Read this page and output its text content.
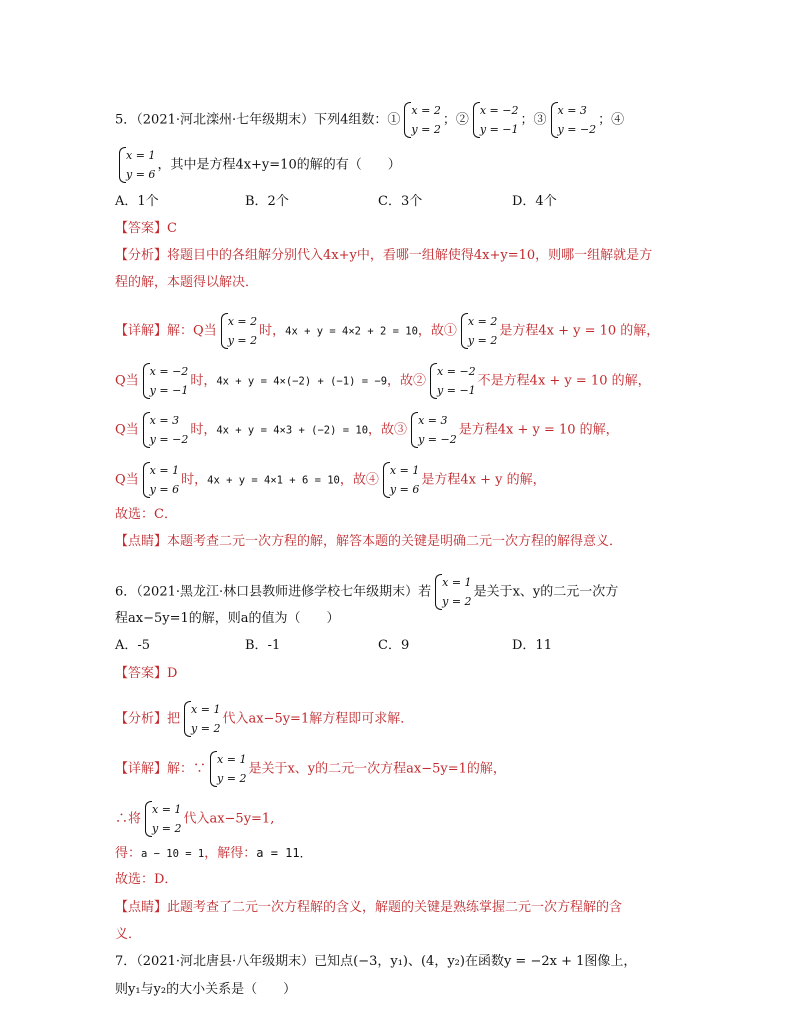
5．（2021·河北滦州·七年级期末）下列4组数：①
x = 2
y = 2
；②
x = −2
y = −1
；③
x = 3
y = −2
；④
x = 1
y = 6
，其中是方程4x+y=10的解的有（　　）
A．1个	B．2个	C．3个	D．4个
【答案】C
【分析】将题目中的各组解分别代入4x+y中，看哪一组解使得4x+y=10，则哪一组解就是方
程的解，本题得以解决．
【详解】解：Q当
x = 2
y = 2
时，4x + y = 4×2 + 2 = 10，故①
x = 2
y = 2
是方程4x + y = 10 的解，
Q当
x = −2
y = −1
时，4x + y = 4×(−2) + (−1) = −9，故②
x = −2
y = −1
不是方程4x + y = 10 的解，
Q当
x = 3
y = −2
时，4x + y = 4×3 + (−2) = 10，故③
x = 3
y = −2
是方程4x + y = 10 的解，
Q当
x = 1
y = 6
时，4x + y = 4×1 + 6 = 10，故④
x = 1
y = 6
是方程4x + y 的解，
故选：C．
【点睛】本题考查二元一次方程的解，解答本题的关键是明确二元一次方程的解得意义．
6．（2021·黑龙江·林口县教师进修学校七年级期末）若
x = 1
y = 2
是关于x、y的二元一次方
程ax−5y=1的解，则a的值为（　　）
A．-5	B．-1	C．9	D．11
【答案】D
【分析】把
x = 1
y = 2
代入ax−5y=1解方程即可求解．
【详解】解：∵
x = 1
y = 2
是关于x、y的二元一次方程ax−5y=1的解，
∴将
x = 1
y = 2
代入ax−5y=1,
得：a − 10 = 1，解得：a = 11．
故选：D．
【点睛】此题考查了二元一次方程解的含义，解题的关键是熟练掌握二元一次方程解的含
义．
7．（2021·河北唐县·八年级期末）已知点(−3，y₁)、(4，y₂)在函数y = −2x + 1图像上，
则y₁与y₂的大小关系是（　　）
